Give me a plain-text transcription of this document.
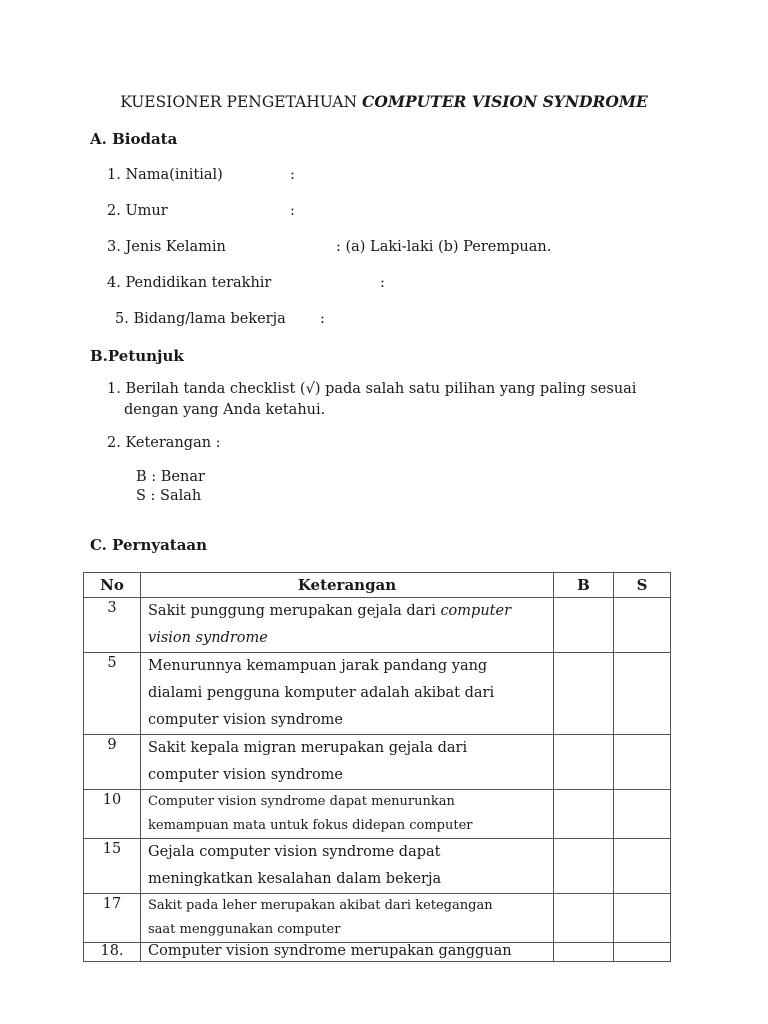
KUESIONER PENGETAHUAN COMPUTER VISION SYNDROME
A. Biodata
1. Nama(initial)	:
2. Umur	:
3. Jenis Kelamin	: (a) Laki-laki (b) Perempuan.
4. Pendidikan terakhir	:
5. Bidang/lama bekerja :
B.Petunjuk
1. Berilah tanda checklist (√) pada salah satu pilihan yang paling sesuai
dengan yang Anda ketahui.
2. Keterangan :
B : Benar
S : Salah
C. Pernyataan
No	Keterangan	B	S
3	Sakit punggung merupakan gejala dari computer
vision syndrome		
5	Menurunnya kemampuan jarak pandang yang
dialami pengguna komputer adalah akibat dari
computer vision syndrome		
9	Sakit kepala migran merupakan gejala dari
computer vision syndrome		
10	Computer vision syndrome dapat menurunkan
kemampuan mata untuk fokus didepan computer		
15	Gejala computer vision syndrome dapat
meningkatkan kesalahan dalam bekerja		
17	Sakit pada leher merupakan akibat dari ketegangan
saat menggunakan computer		
18.	Computer vision syndrome merupakan gangguan		
